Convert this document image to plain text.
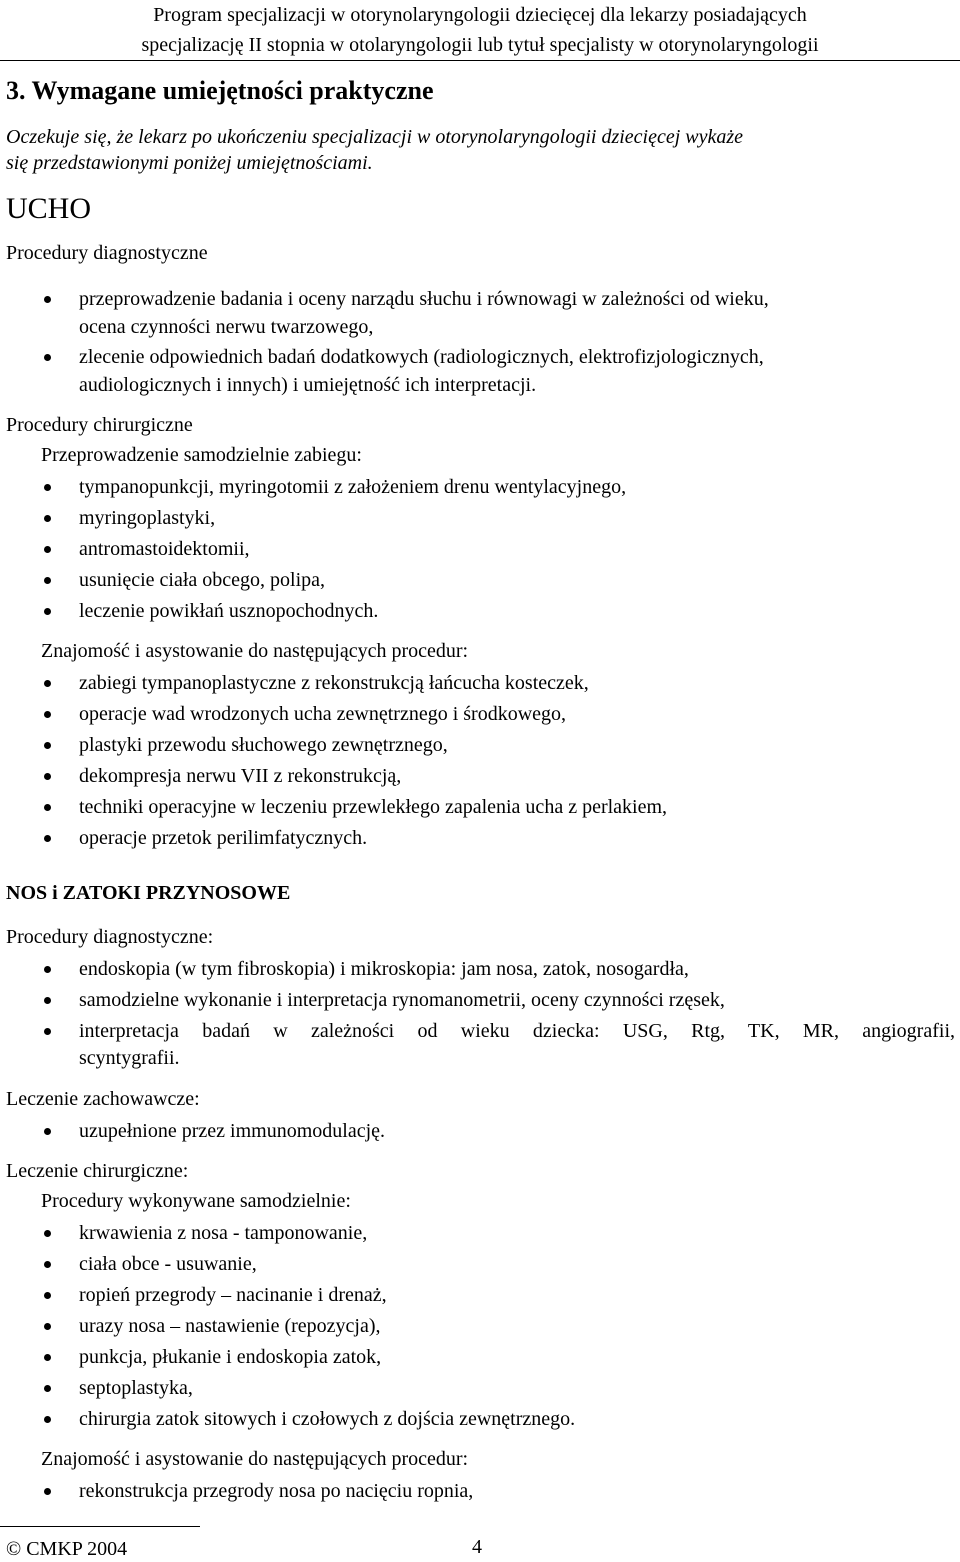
Program specjalizacji w otorynolaryngologii dziecięcej dla lekarzy posiadających
specjalizację II stopnia w otolaryngologii lub tytuł specjalisty w otorynolaryngologii
3. Wymagane umiejętności praktyczne
Oczekuje się, że lekarz po ukończeniu specjalizacji w otorynolaryngologii dziecięcej wykaże
się przedstawionymi poniżej umiejętnościami.
UCHO
Procedury diagnostyczne
przeprowadzenie badania i oceny narządu słuchu i równowagi w zależności od wieku,
ocena czynności nerwu twarzowego,
zlecenie odpowiednich badań dodatkowych (radiologicznych, elektrofizjologicznych,
audiologicznych i innych) i umiejętność ich interpretacji.
Procedury chirurgiczne
Przeprowadzenie samodzielnie zabiegu:
tympanopunkcji, myringotomii z założeniem drenu wentylacyjnego,
myringoplastyki,
antromastoidektomii,
usunięcie ciała obcego, polipa,
leczenie powikłań usznopochodnych.
Znajomość i asystowanie do następujących procedur:
zabiegi tympanoplastyczne z rekonstrukcją łańcucha kosteczek,
operacje wad wrodzonych ucha zewnętrznego i środkowego,
plastyki przewodu słuchowego zewnętrznego,
dekompresja nerwu VII z rekonstrukcją,
techniki operacyjne w leczeniu przewlekłego zapalenia ucha z perlakiem,
operacje przetok perilimfatycznych.
NOS i ZATOKI PRZYNOSOWE
Procedury diagnostyczne:
endoskopia (w tym fibroskopia) i mikroskopia: jam nosa, zatok, nosogardła,
samodzielne wykonanie i interpretacja rynomanometrii, oceny czynności rzęsek,
interpretacja badań w zależności od wieku dziecka: USG, Rtg, TK, MR, angiografii,
scyntygrafii.
Leczenie zachowawcze:
uzupełnione przez immunomodulację.
Leczenie chirurgiczne:
Procedury wykonywane samodzielnie:
krwawienia z nosa - tamponowanie,
ciała obce - usuwanie,
ropień przegrody – nacinanie i drenaż,
urazy nosa – nastawienie (repozycja),
punkcja, płukanie i endoskopia zatok,
septoplastyka,
chirurgia zatok sitowych i czołowych z dojścia zewnętrznego.
Znajomość i asystowanie do następujących procedur:
rekonstrukcja przegrody nosa po nacięciu ropnia,
© CMKP 2004	4
